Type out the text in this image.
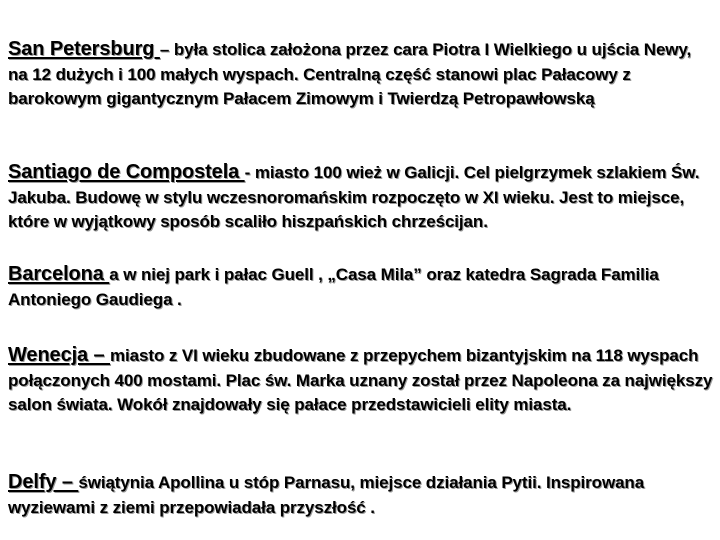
San Petersburg – była stolica założona przez cara Piotra I Wielkiego u ujścia Newy, na 12 dużych i 100 małych wyspach. Centralną część stanowi plac Pałacowy z barokowym gigantycznym Pałacem Zimowym i Twierdzą Petropawłowską

Santiago de Compostela - miasto 100 wież w Galicji. Cel pielgrzymek szlakiem Św. Jakuba. Budowę w stylu wczesnoromańskim rozpoczęto w XI wieku. Jest to miejsce, które w wyjątkowy sposób scaliło hiszpańskich chrześcijan.

Barcelona a w niej park i pałac Guell , „Casa Mila” oraz katedra Sagrada Familia Antoniego Gaudiega .

Wenecja – miasto z VI wieku zbudowane z przepychem bizantyjskim na 118 wyspach połączonych 400 mostami. Plac św. Marka uznany został przez Napoleona za największy salon świata. Wokół znajdowały się pałace przedstawicieli elity miasta.

Delfy – świątynia Apollina u stóp Parnasu, miejsce działania Pytii. Inspirowana wyziewami z ziemi przepowiadała przyszłość .
